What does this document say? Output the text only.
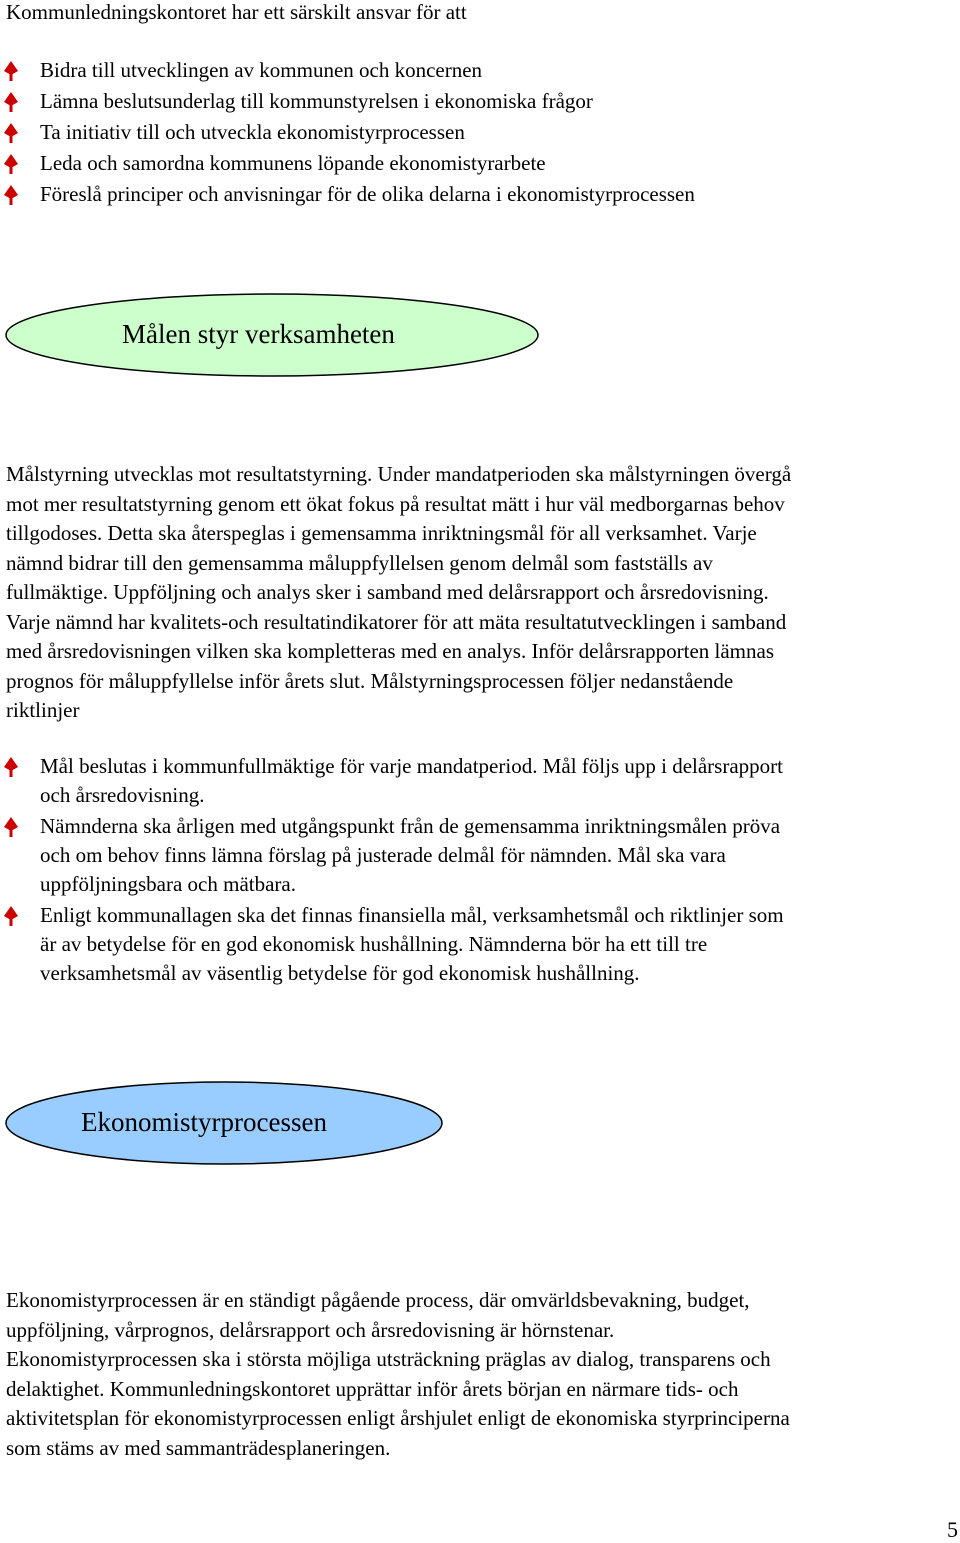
Kommunledningskontoret har ett särskilt ansvar för att
Bidra till utvecklingen av kommunen och koncernen
Lämna beslutsunderlag till kommunstyrelsen i ekonomiska frågor
Ta initiativ till och utveckla ekonomistyrprocessen
Leda och samordna kommunens löpande ekonomistyrarbete
Föreslå principer och anvisningar för de olika delarna i ekonomistyrprocessen
Målen styr verksamheten
Målstyrning utvecklas mot resultatstyrning. Under mandatperioden ska målstyrningen övergå
mot mer resultatstyrning genom ett ökat fokus på resultat mätt i hur väl medborgarnas behov
tillgodoses. Detta ska återspeglas i gemensamma inriktningsmål för all verksamhet. Varje
nämnd bidrar till den gemensamma måluppfyllelsen genom delmål som fastställs av
fullmäktige. Uppföljning och analys sker i samband med delårsrapport och årsredovisning.
Varje nämnd har kvalitets-och resultatindikatorer för att mäta resultatutvecklingen i samband
med årsredovisningen vilken ska kompletteras med en analys. Inför delårsrapporten lämnas
prognos för måluppfyllelse inför årets slut. Målstyrningsprocessen följer nedanstående
riktlinjer
Mål beslutas i kommunfullmäktige för varje mandatperiod. Mål följs upp i delårsrapport
och årsredovisning.
Nämnderna ska årligen med utgångspunkt från de gemensamma inriktningsmålen pröva
och om behov finns lämna förslag på justerade delmål för nämnden. Mål ska vara
uppföljningsbara och mätbara.
Enligt kommunallagen ska det finnas finansiella mål, verksamhetsmål och riktlinjer som
är av betydelse för en god ekonomisk hushållning. Nämnderna bör ha ett till tre
verksamhetsmål av väsentlig betydelse för god ekonomisk hushållning.
Ekonomistyrprocessen
Ekonomistyrprocessen är en ständigt pågående process, där omvärldsbevakning, budget,
uppföljning, vårprognos, delårsrapport och årsredovisning är hörnstenar.
Ekonomistyrprocessen ska i största möjliga utsträckning präglas av dialog, transparens och
delaktighet. Kommunledningskontoret upprättar inför årets början en närmare tids- och
aktivitetsplan för ekonomistyrprocessen enligt årshjulet enligt de ekonomiska styrprinciperna
som stäms av med sammanträdesplaneringen.
5
